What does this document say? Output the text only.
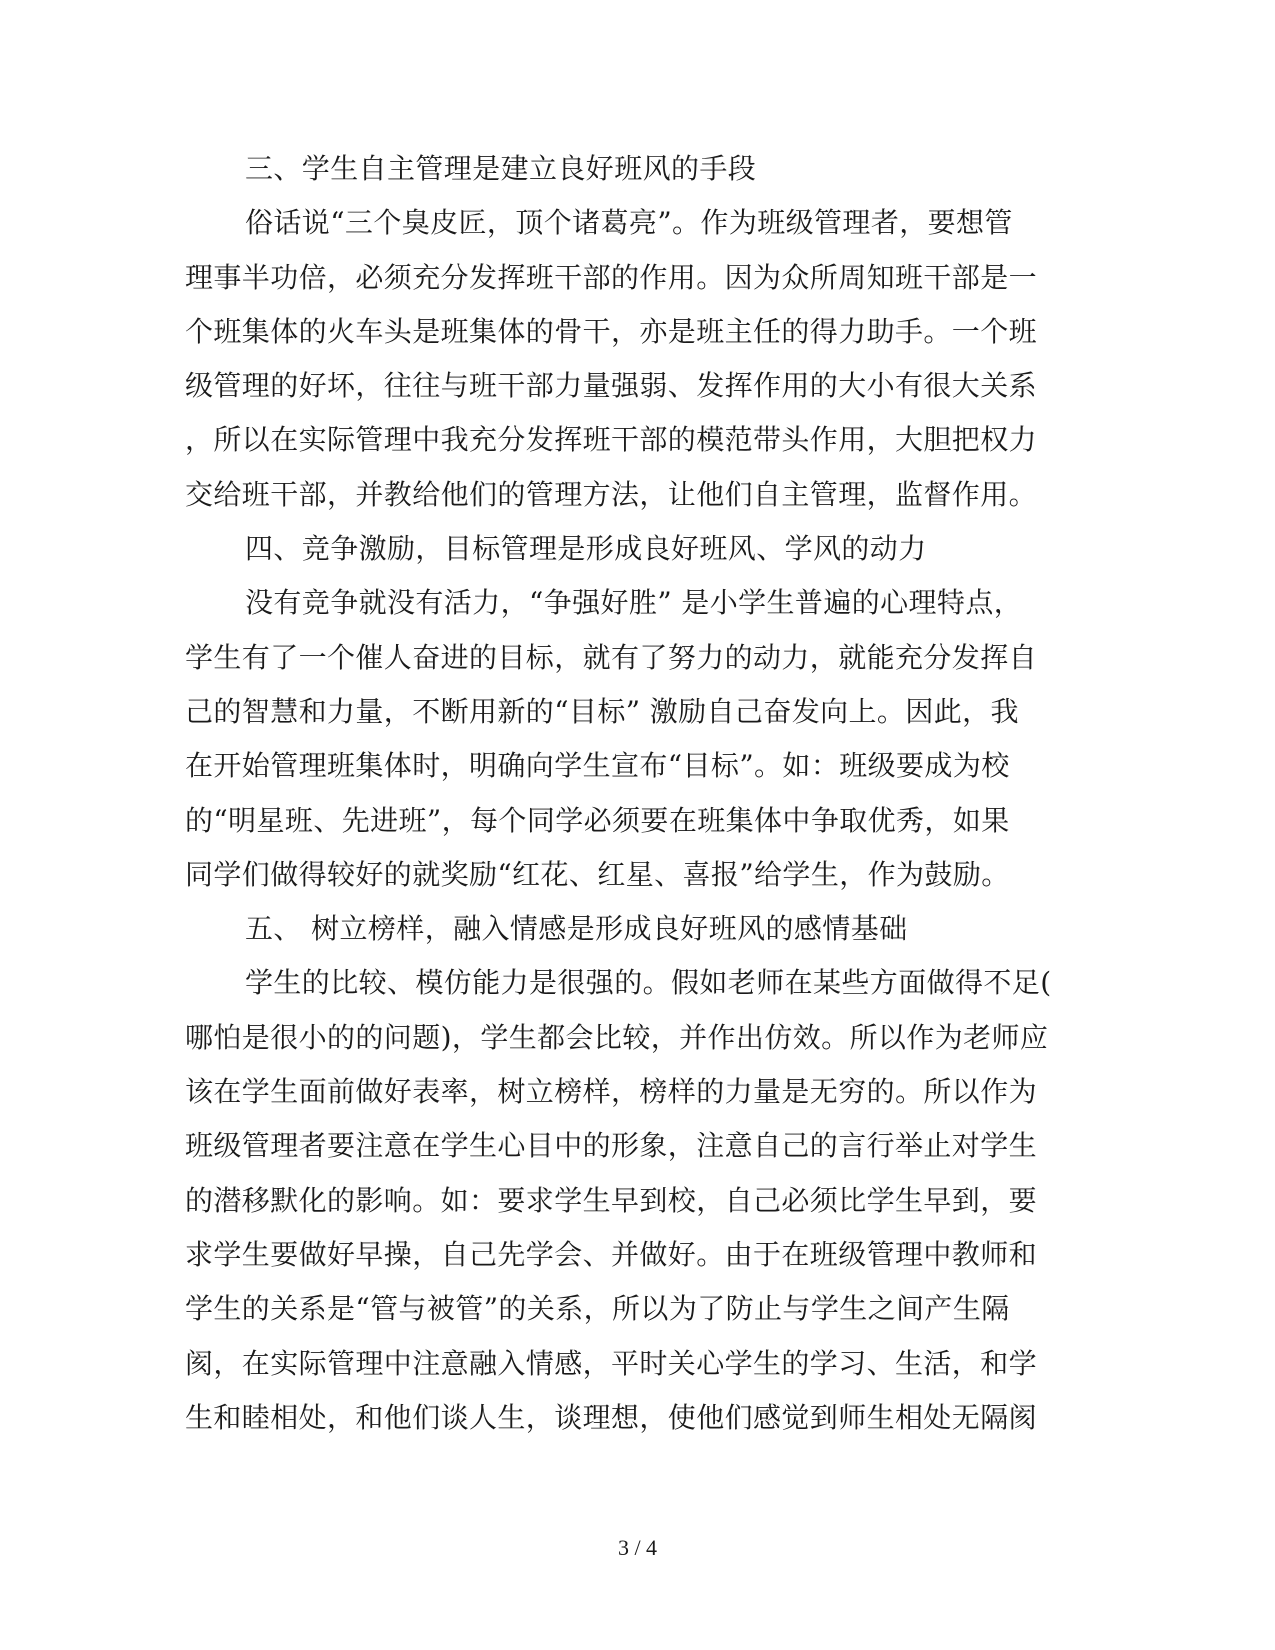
三、学生自主管理是建立良好班风的手段
俗话说“三个臭皮匠，顶个诸葛亮”。作为班级管理者，要想管
理事半功倍，必须充分发挥班干部的作用。因为众所周知班干部是一
个班集体的火车头是班集体的骨干，亦是班主任的得力助手。一个班
级管理的好坏，往往与班干部力量强弱、发挥作用的大小有很大关系
，所以在实际管理中我充分发挥班干部的模范带头作用，大胆把权力
交给班干部，并教给他们的管理方法，让他们自主管理，监督作用。
四、竞争激励，目标管理是形成良好班风、学风的动力
没有竞争就没有活力，“争强好胜” 是小学生普遍的心理特点，
学生有了一个催人奋进的目标，就有了努力的动力，就能充分发挥自
己的智慧和力量，不断用新的“目标” 激励自己奋发向上。因此，我
在开始管理班集体时，明确向学生宣布“目标”。如：班级要成为校
的“明星班、先进班”，每个同学必须要在班集体中争取优秀，如果
同学们做得较好的就奖励“红花、红星、喜报”给学生，作为鼓励。
五、 树立榜样，融入情感是形成良好班风的感情基础
学生的比较、模仿能力是很强的。假如老师在某些方面做得不足(
哪怕是很小的的问题)，学生都会比较，并作出仿效。所以作为老师应
该在学生面前做好表率，树立榜样，榜样的力量是无穷的。所以作为
班级管理者要注意在学生心目中的形象，注意自己的言行举止对学生
的潜移默化的影响。如：要求学生早到校，自己必须比学生早到，要
求学生要做好早操，自己先学会、并做好。由于在班级管理中教师和
学生的关系是“管与被管”的关系，所以为了防止与学生之间产生隔
阂，在实际管理中注意融入情感，平时关心学生的学习、生活，和学
生和睦相处，和他们谈人生，谈理想，使他们感觉到师生相处无隔阂
3 / 4
